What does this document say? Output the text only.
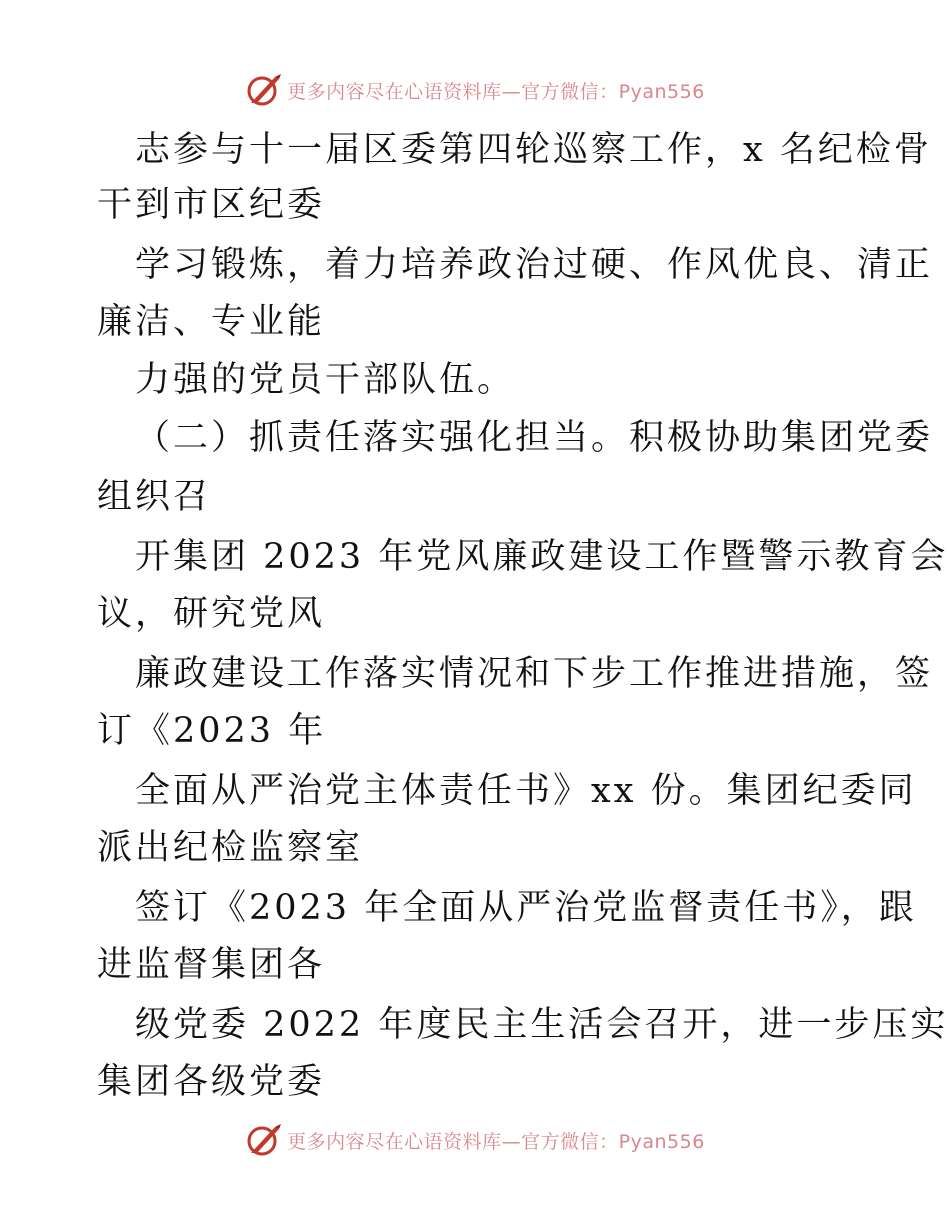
更多内容尽在心语资料库—官方微信：Pyan556
志参与十一届区委第四轮巡察工作，x 名纪检骨
干到市区纪委
学习锻炼，着力培养政治过硬、作风优良、清正
廉洁、专业能
力强的党员干部队伍。
（二）抓责任落实强化担当。积极协助集团党委
组织召
开集团 2023 年党风廉政建设工作暨警示教育会
议，研究党风
廉政建设工作落实情况和下步工作推进措施，签
订《2023 年
全面从严治党主体责任书》xx 份。集团纪委同
派出纪检监察室
签订《2023 年全面从严治党监督责任书》，跟
进监督集团各
级党委 2022 年度民主生活会召开，进一步压实
集团各级党委
更多内容尽在心语资料库—官方微信：Pyan556
